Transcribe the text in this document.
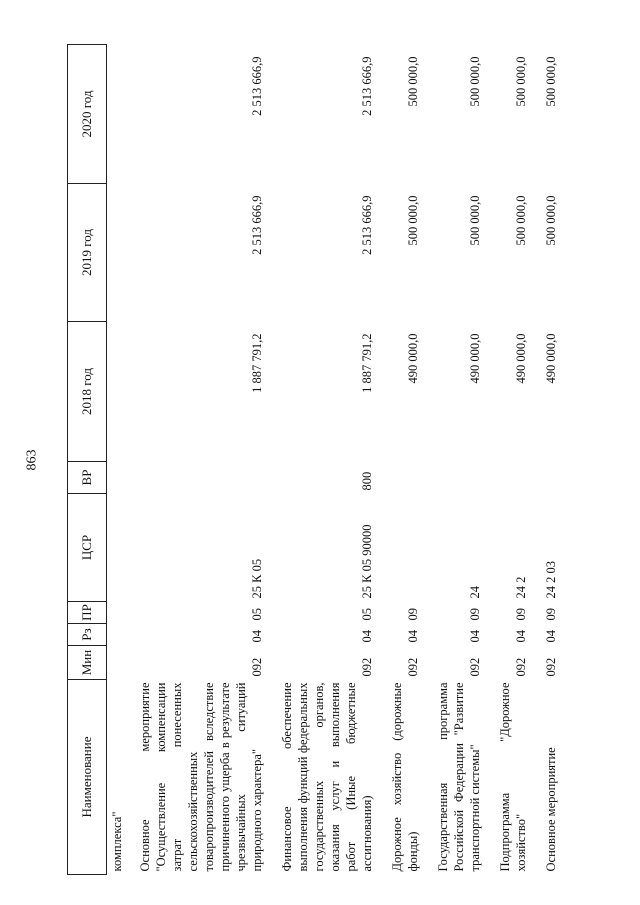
863
Наименование	Мин	Рз	ПР	ЦСР	ВР	2018 год	2019 год	2020 год
комплекса"								
Основное мероприятие "Осуществление компенсации затрат понесенных сельскохозяйственных товаропроизводителей вследствие причиненного ущерба в результате чрезвычайных ситуаций природного характера"	092	04	05	25 К 05		1 887 791,2	2 513 666,9	2 513 666,9
Финансовое обеспечение выполнения функций федеральных государственных органов, оказания услуг и выполнения работ (Иные бюджетные ассигнования)	092	04	05	25 К 05 90000	800	1 887 791,2	2 513 666,9	2 513 666,9
Дорожное хозяйство (дорожные фонды)	092	04	09			490 000,0	500 000,0	500 000,0
Государственная программа Российской Федерации "Развитие транспортной системы"	092	04	09	24		490 000,0	500 000,0	500 000,0
Подпрограмма "Дорожное хозяйство"	092	04	09	24 2		490 000,0	500 000,0	500 000,0
Основное мероприятие	092	04	09	24 2 03		490 000,0	500 000,0	500 000,0
